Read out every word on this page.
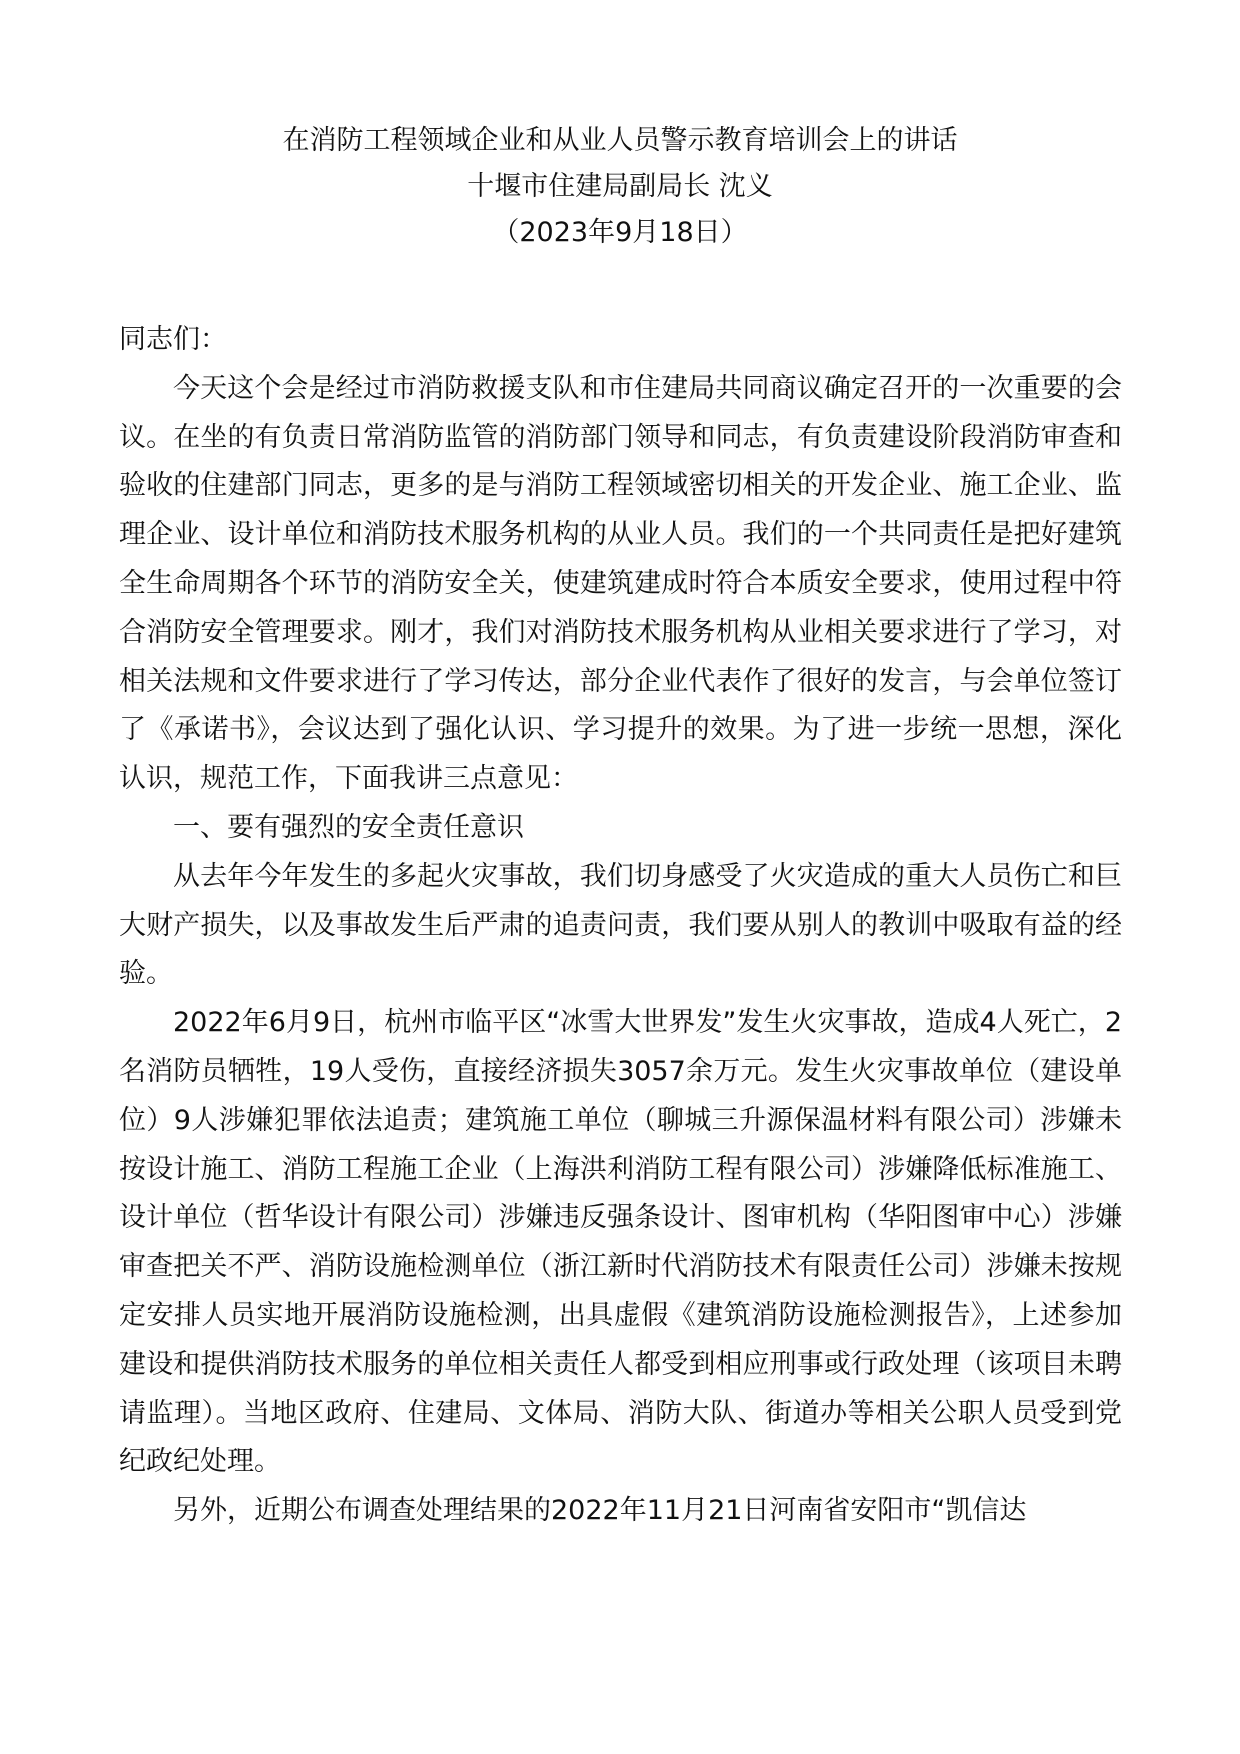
在消防工程领域企业和从业人员警示教育培训会上的讲话
十堰市住建局副局长 沈义
（2023年9月18日）

同志们：

今天这个会是经过市消防救援支队和市住建局共同商议确定召开的一次重要的会议。在坐的有负责日常消防监管的消防部门领导和同志，有负责建设阶段消防审查和验收的住建部门同志，更多的是与消防工程领域密切相关的开发企业、施工企业、监理企业、设计单位和消防技术服务机构的从业人员。我们的一个共同责任是把好建筑全生命周期各个环节的消防安全关，使建筑建成时符合本质安全要求，使用过程中符合消防安全管理要求。刚才，我们对消防技术服务机构从业相关要求进行了学习，对相关法规和文件要求进行了学习传达，部分企业代表作了很好的发言，与会单位签订了《承诺书》，会议达到了强化认识、学习提升的效果。为了进一步统一思想，深化认识，规范工作，下面我讲三点意见：

一、要有强烈的安全责任意识

从去年今年发生的多起火灾事故，我们切身感受了火灾造成的重大人员伤亡和巨大财产损失，以及事故发生后严肃的追责问责，我们要从别人的教训中吸取有益的经验。

2022年6月9日，杭州市临平区“冰雪大世界发”发生火灾事故，造成4人死亡，2名消防员牺牲，19人受伤，直接经济损失3057余万元。发生火灾事故单位（建设单位）9人涉嫌犯罪依法追责；建筑施工单位（聊城三升源保温材料有限公司）涉嫌未按设计施工、消防工程施工企业（上海洪利消防工程有限公司）涉嫌降低标准施工、设计单位（哲华设计有限公司）涉嫌违反强条设计、图审机构（华阳图审中心）涉嫌审查把关不严、消防设施检测单位（浙江新时代消防技术有限责任公司）涉嫌未按规定安排人员实地开展消防设施检测，出具虚假《建筑消防设施检测报告》，上述参加建设和提供消防技术服务的单位相关责任人都受到相应刑事或行政处理（该项目未聘请监理）。当地区政府、住建局、文体局、消防大队、街道办等相关公职人员受到党纪政纪处理。

另外，近期公布调查处理结果的2022年11月21日河南省安阳市“凯信达
